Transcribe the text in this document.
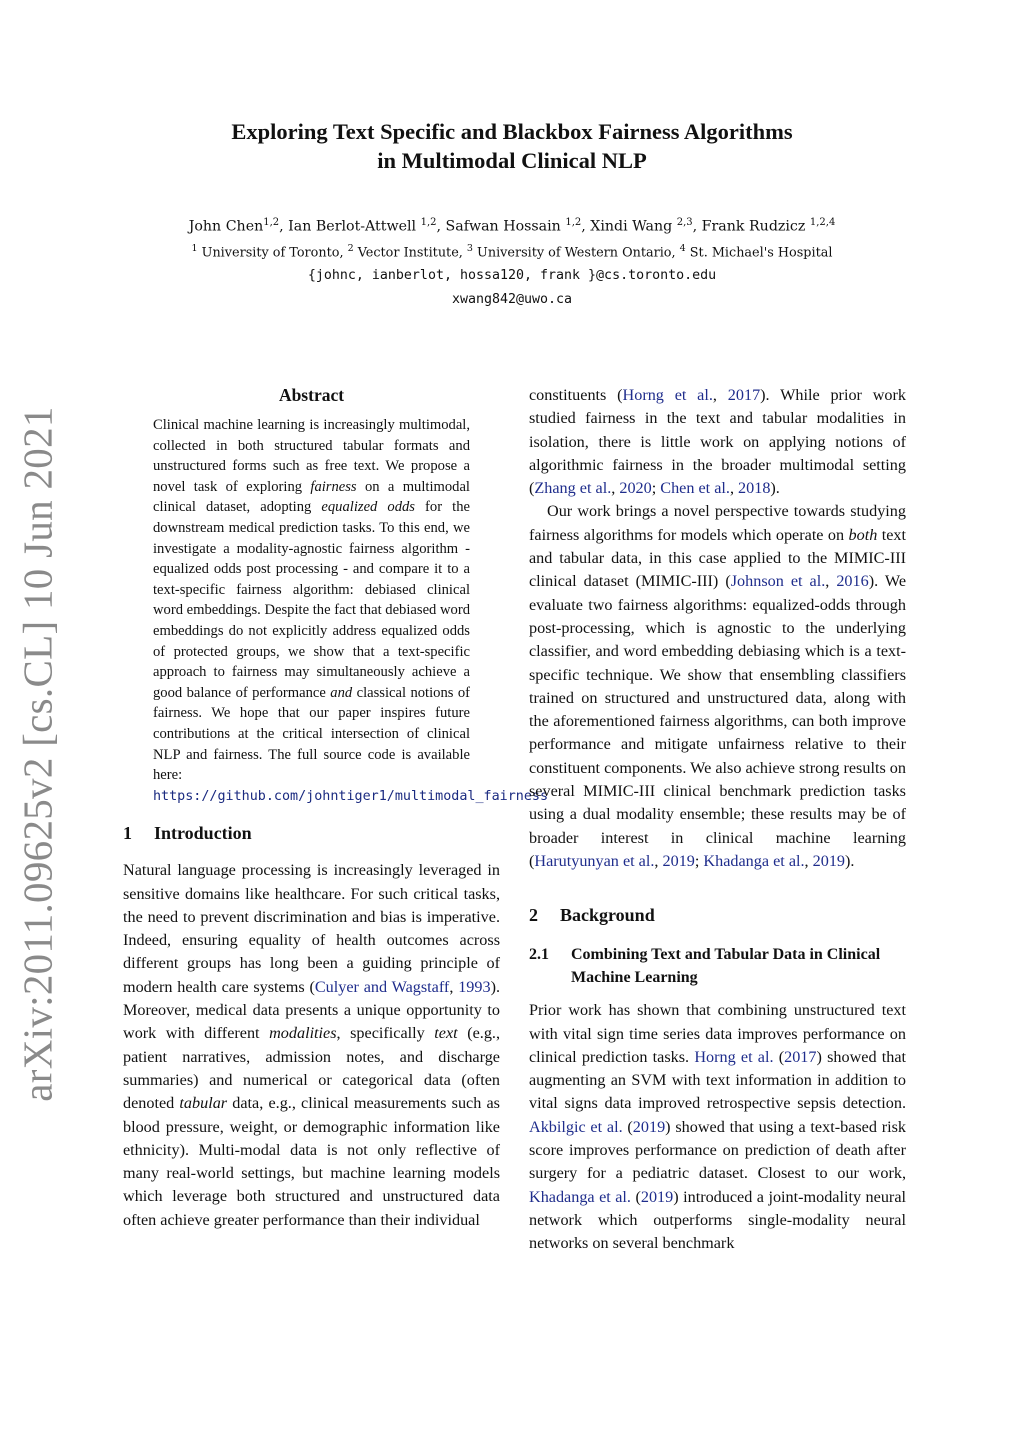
arXiv:2011.09625v2 [cs.CL] 10 Jun 2021
Exploring Text Specific and Blackbox Fairness Algorithms
in Multimodal Clinical NLP
John Chen$^{1,2}$, Ian Berlot-Attwell $^{1,2}$, Safwan Hossain $^{1,2}$, Xindi Wang $^{2,3}$, Frank Rudzicz $^{1,2,4}$
$^1$ University of Toronto, $^2$ Vector Institute, $^3$ University of Western Ontario, $^4$ St. Michael's Hospital
{johnc, ianberlot, hossa120, frank }@cs.toronto.edu
xwang842@uwo.ca
Abstract

Clinical machine learning is increasingly multimodal, collected in both structured tabular formats and unstructured forms such as free text. We propose a novel task of exploring fairness on a multimodal clinical dataset, adopting equalized odds for the downstream medical prediction tasks. To this end, we investigate a modality-agnostic fairness algorithm - equalized odds post processing - and compare it to a text-specific fairness algorithm: debiased clinical word embeddings. Despite the fact that debiased word embeddings do not explicitly address equalized odds of protected groups, we show that a text-specific approach to fairness may simultaneously achieve a good balance of performance and classical notions of fairness. We hope that our paper inspires future contributions at the critical intersection of clinical NLP and fairness. The full source code is available here: https://github.com/johntiger1/multimodal_fairness

1 Introduction

Natural language processing is increasingly leveraged in sensitive domains like healthcare. For such critical tasks, the need to prevent discrimination and bias is imperative. Indeed, ensuring equality of health outcomes across different groups has long been a guiding principle of modern health care systems (Culyer and Wagstaff, 1993). Moreover, medical data presents a unique opportunity to work with different modalities, specifically text (e.g., patient narratives, admission notes, and discharge summaries) and numerical or categorical data (often denoted tabular data, e.g., clinical measurements such as blood pressure, weight, or demographic information like ethnicity). Multi-modal data is not only reflective of many real-world settings, but machine learning models which leverage both structured and unstructured data often achieve greater performance than their individual

constituents (Horng et al., 2017). While prior work studied fairness in the text and tabular modalities in isolation, there is little work on applying notions of algorithmic fairness in the broader multimodal setting (Zhang et al., 2020; Chen et al., 2018).

Our work brings a novel perspective towards studying fairness algorithms for models which operate on both text and tabular data, in this case applied to the MIMIC-III clinical dataset (MIMIC-III) (Johnson et al., 2016). We evaluate two fairness algorithms: equalized-odds through post-processing, which is agnostic to the underlying classifier, and word embedding debiasing which is a text-specific technique. We show that ensembling classifiers trained on structured and unstructured data, along with the aforementioned fairness algorithms, can both improve performance and mitigate unfairness relative to their constituent components. We also achieve strong results on several MIMIC-III clinical benchmark prediction tasks using a dual modality ensemble; these results may be of broader interest in clinical machine learning (Harutyunyan et al., 2019; Khadanga et al., 2019).

2 Background
2.1	Combining Text and Tabular Data in Clinical Machine Learning

Prior work has shown that combining unstructured text with vital sign time series data improves performance on clinical prediction tasks. Horng et al. (2017) showed that augmenting an SVM with text information in addition to vital signs data improved retrospective sepsis detection. Akbilgic et al. (2019) showed that using a text-based risk score improves performance on prediction of death after surgery for a pediatric dataset. Closest to our work, Khadanga et al. (2019) introduced a joint-modality neural network which outperforms single-modality neural networks on several benchmark
